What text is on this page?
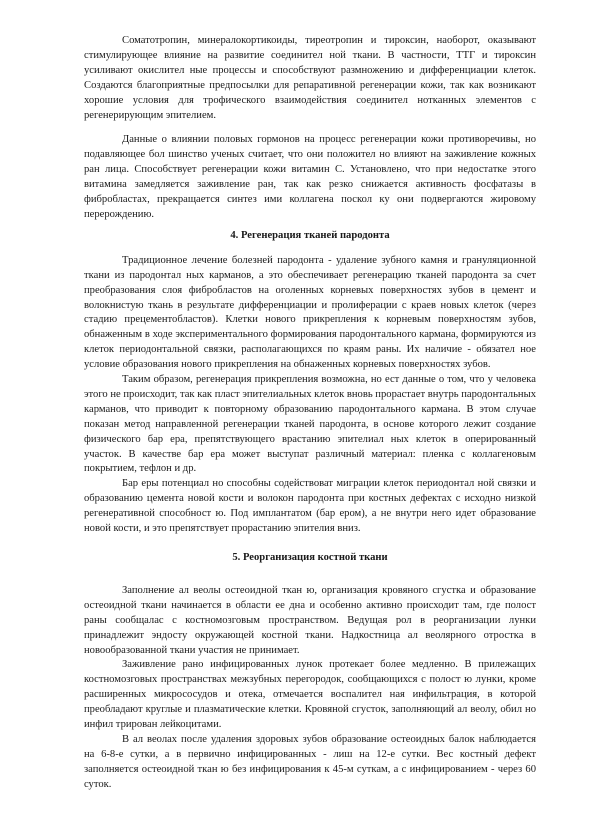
Соматотропин, минералокортикоиды, тиреотропин и тироксин, наоборот, оказывают стимулирующее влияние на развитие соединител ной ткани. В частности, ТТГ и тироксин усиливают окислител ные процессы и способствуют размножению и дифференциации клеток. Создаются благоприятные предпосылки для репаративной регенерации кожи, так как возникают хорошие условия для трофического взаимодействия соединител нотканных элементов с регенерирующим эпителием.

Данные о влиянии половых гормонов на процесс регенерации кожи противоречивы, но подавляющее бол шинство ученых считает, что они положител но влияют на заживление кожных ран лица. Способствует регенерации кожи витамин С. Установлено, что при недостатке этого витамина замедляется заживление ран, так как резко снижается активность фосфатазы в фибробластах, прекращается синтез ими коллагена поскол ку они подвергаются жировому перерождению.

4. Регенерация тканей пародонта

Традиционное лечение болезней пародонта - удаление зубного камня и грануляционной ткани из пародонтал ных карманов, а это обеспечивает регенерацию тканей пародонта за счет преобразования слоя фибробластов на оголенных корневых поверхностях зубов в цемент и волокнистую ткань в результате дифференциации и пролиферации с краев новых клеток (через стадию прецементобластов). Клетки нового прикрепления к корневым поверхностям зубов, обнаженным в ходе экспериментального формирования пародонтального кармана, формируются из клеток периодонтальной связки, располагающихся по краям раны. Их наличие - обязател ное условие образования нового прикрепления на обнаженных корневых поверхностях зубов.

Таким образом, регенерация прикрепления возможна, но ест данные о том, что у человека этого не происходит, так как пласт эпителиальных клеток вновь прорастает внутрь пародонтальных карманов, что приводит к повторному образованию пародонтального кармана. В этом случае показан метод направленной регенерации тканей пародонта, в основе которого лежит создание физического бар ера, препятствующего врастанию эпителиал ных клеток в оперированный участок. В качестве бар ера может выступат различный материал: пленка с коллагеновым покрытием, тефлон и др.

Бар еры потенциал но способны содействоват миграции клеток периодонтал ной связки и образованию цемента новой кости и волокон пародонта при костных дефектах с исходно низкой регенеративной способност ю. Под имплантатом (бар ером), а не внутри него идет образование новой кости, и это препятствует прорастанию эпителия вниз.

5. Реорганизация костной ткани

Заполнение ал веолы остеоидной ткан ю, организация кровяного сгустка и образование остеоидной ткани начинается в области ее дна и особенно активно происходит там, где полост раны сообщалас с костномозговым пространством. Ведущая рол в реорганизации лунки принадлежит эндосту окружающей костной ткани. Надкостница ал веолярного отростка в новообразованной ткани участия не принимает.

Заживление рано инфицированных лунок протекает более медленно. В прилежащих костномозговых пространствах межзубных перегородок, сообщающихся с полост ю лунки, кроме расширенных микрососудов и отека, отмечается воспалител ная инфильтрация, в которой преобладают круглые и плазматические клетки. Кровяной сгусток, заполняющий ал веолу, обил но инфил трирован лейкоцитами.

В ал веолах после удаления здоровых зубов образование остеоидных балок наблюдается на 6-8-е сутки, а в первично инфицированных - лиш на 12-е сутки. Вес костный дефект заполняется остеоидной ткан ю без инфицирования к 45-м суткам, а с инфицированием - через 60 суток.
